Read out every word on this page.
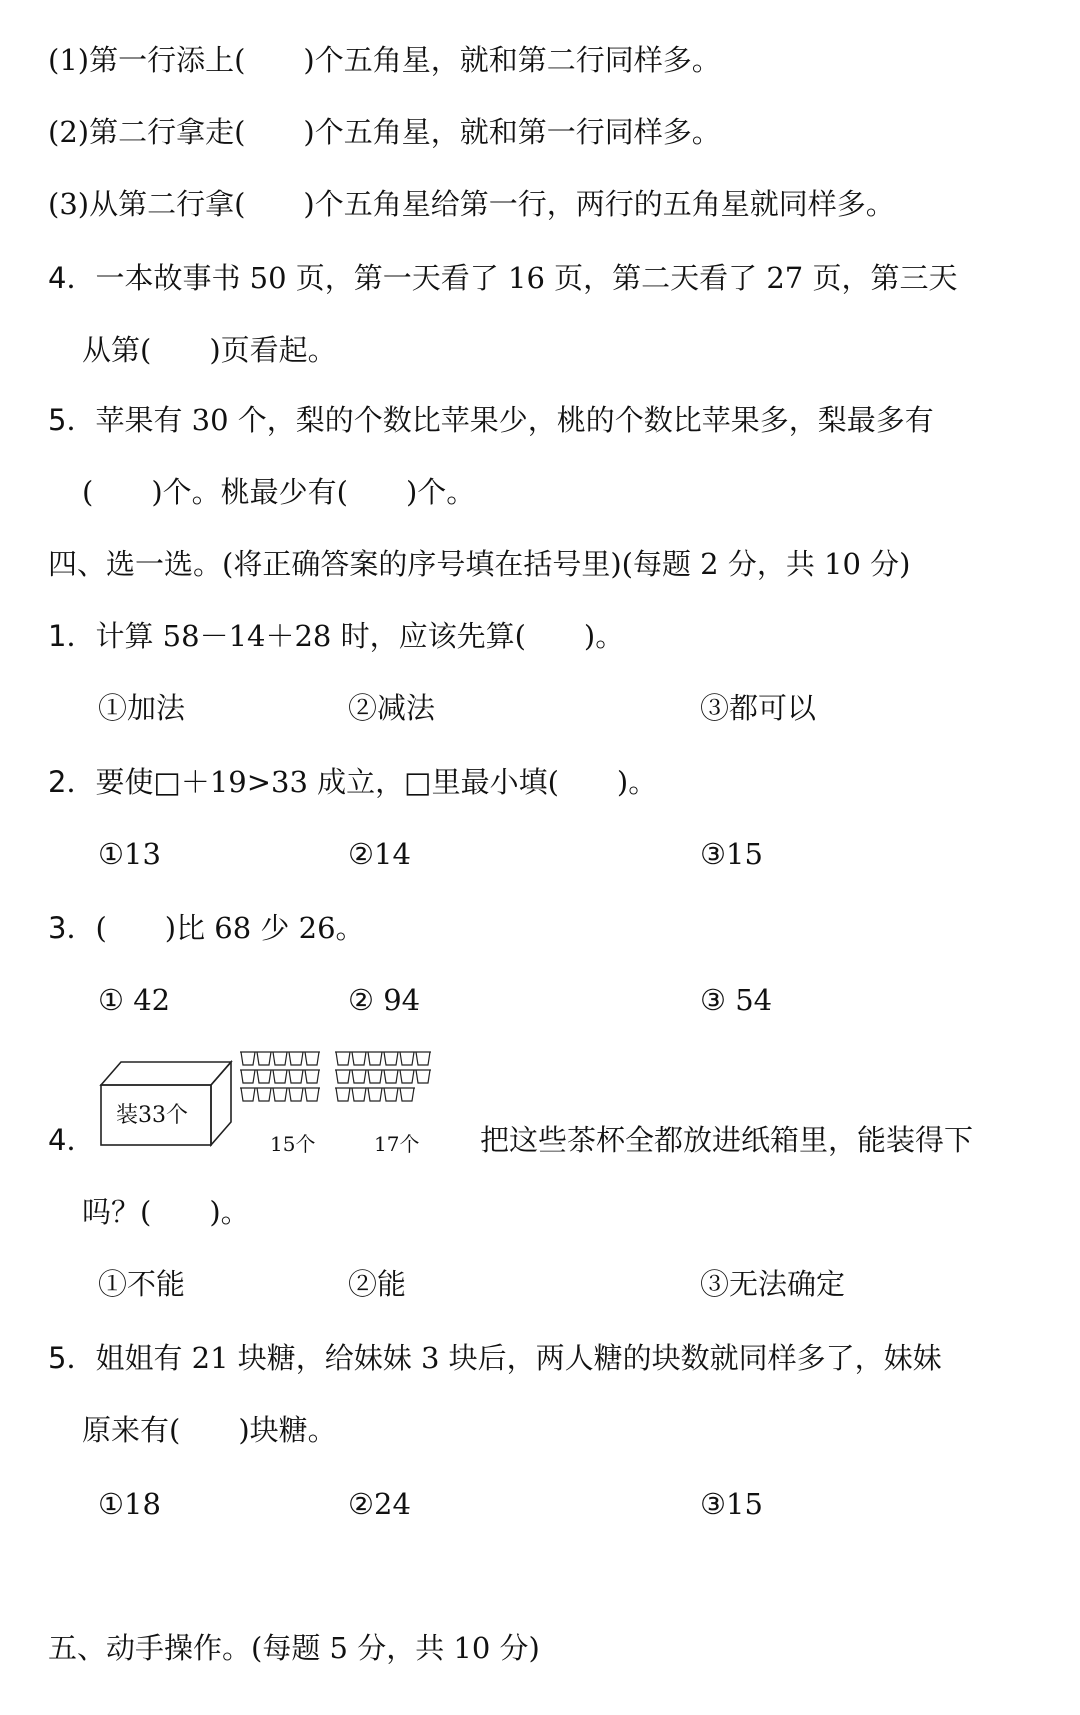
(1)第一行添上(　　)个五角星，就和第二行同样多。
(2)第二行拿走(　　)个五角星，就和第一行同样多。
(3)从第二行拿(　　)个五角星给第一行，两行的五角星就同样多。
4．一本故事书 50 页，第一天看了 16 页，第二天看了 27 页，第三天
从第(　　)页看起。
5．苹果有 30 个，梨的个数比苹果少，桃的个数比苹果多，梨最多有
(　　)个。桃最少有(　　)个。
四、选一选。(将正确答案的序号填在括号里)(每题 2 分，共 10 分)
1．计算 58－14＋28 时，应该先算(　　)。
①加法	②减法	③都可以
2．要使□＋19>33 成立，□里最小填(　　)。
①13	②14	③15
3．(　　)比 68 少 26。
① 42	② 94	③ 54
4．
装33个
15个	17个 把这些茶杯全都放进纸箱里，能装得下
吗？(　　)。
①不能	②能	③无法确定
5．姐姐有 21 块糖，给妹妹 3 块后，两人糖的块数就同样多了，妹妹
原来有(　　)块糖。
①18	②24	③15
五、动手操作。(每题 5 分，共 10 分)
